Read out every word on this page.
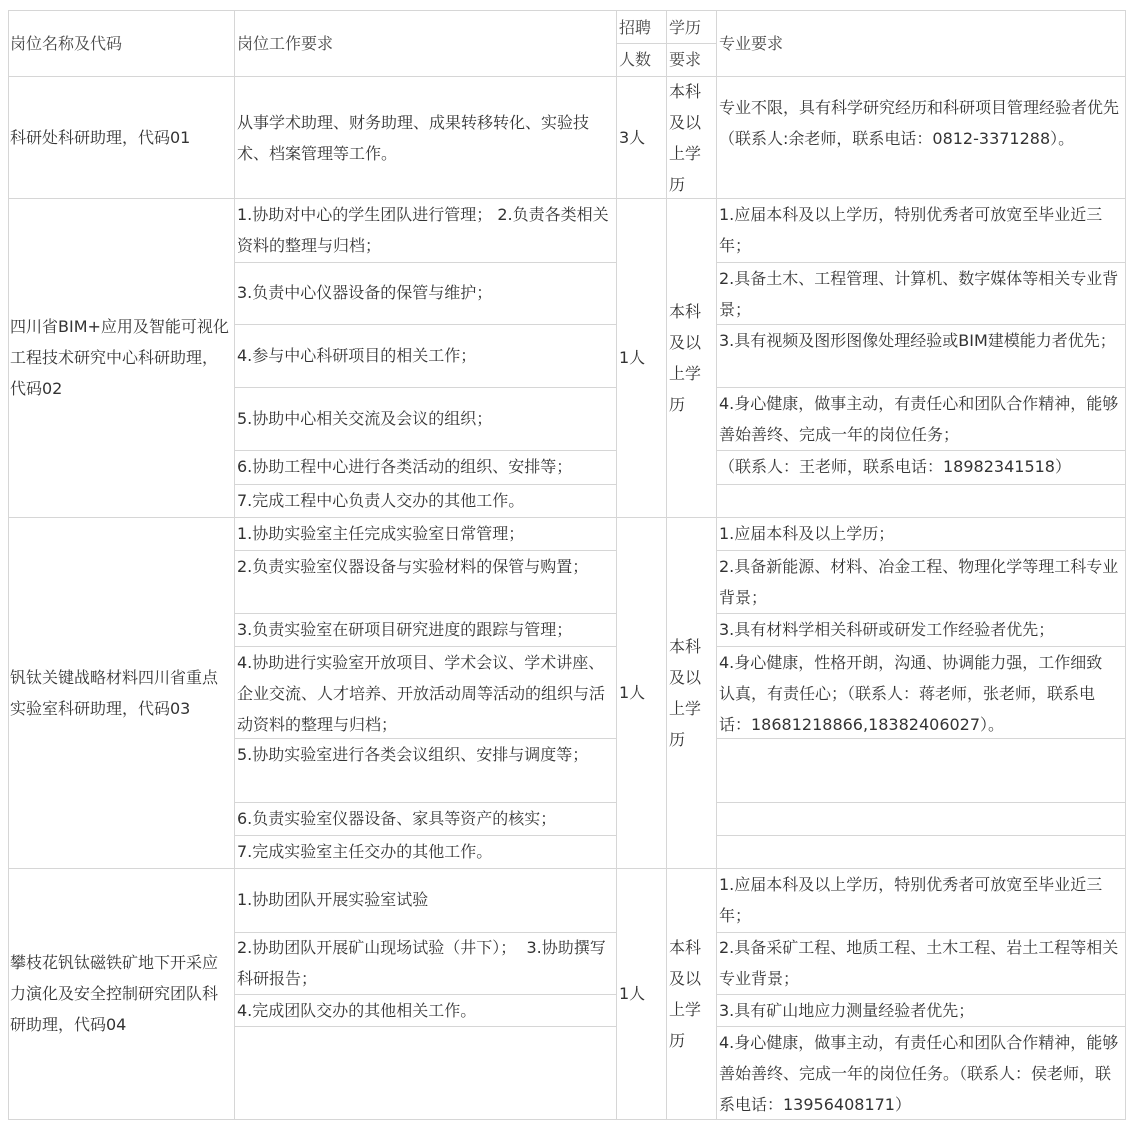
岗位名称及代码	岗位工作要求
招聘
人数
学历
要求
专业要求
科研处科研助理，代码01
从事学术助理、财务助理、成果转移转化、实验技术、档案管理等工作。
3人
本科及以上学历
专业不限，具有科学研究经历和科研项目管理经验者优先（联系人:余老师，联系电话：0812-3371288）。
四川省BIM+应用及智能可视化工程技术研究中心科研助理，代码02
1.协助对中心的学生团队进行管理； 2.负责各类相关资料的整理与归档；
3.负责中心仪器设备的保管与维护；
4.参与中心科研项目的相关工作；
5.协助中心相关交流及会议的组织；
6.协助工程中心进行各类活动的组织、安排等；
7.完成工程中心负责人交办的其他工作。
1人
本科及以上学历
1.应届本科及以上学历，特别优秀者可放宽至毕业近三年；
2.具备土木、工程管理、计算机、数字媒体等相关专业背景；
3.具有视频及图形图像处理经验或BIM建模能力者优先；
4.身心健康，做事主动，有责任心和团队合作精神，能够善始善终、完成一年的岗位任务；
（联系人：王老师，联系电话：18982341518）
钒钛关键战略材料四川省重点实验室科研助理，代码03
1.协助实验室主任完成实验室日常管理；
2.负责实验室仪器设备与实验材料的保管与购置；
3.负责实验室在研项目研究进度的跟踪与管理；
4.协助进行实验室开放项目、学术会议、学术讲座、企业交流、人才培养、开放活动周等活动的组织与活动资料的整理与归档；
5.协助实验室进行各类会议组织、安排与调度等；
6.负责实验室仪器设备、家具等资产的核实；
7.完成实验室主任交办的其他工作。
1人
本科及以上学历
1.应届本科及以上学历；
2.具备新能源、材料、冶金工程、物理化学等理工科专业背景；
3.具有材料学相关科研或研发工作经验者优先；
4.身心健康，性格开朗，沟通、协调能力强，工作细致认真，有责任心；（联系人：蒋老师，张老师，联系电话：18681218866,18382406027）。
攀枝花钒钛磁铁矿地下开采应力演化及安全控制研究团队科研助理，代码04
1.协助团队开展实验室试验
2.协助团队开展矿山现场试验（井下）；  3.协助撰写科研报告；
4.完成团队交办的其他相关工作。
1人
本科及以上学历
1.应届本科及以上学历，特别优秀者可放宽至毕业近三年；
2.具备采矿工程、地质工程、土木工程、岩土工程等相关专业背景；
3.具有矿山地应力测量经验者优先；
4.身心健康，做事主动，有责任心和团队合作精神，能够善始善终、完成一年的岗位任务。（联系人：侯老师，联系电话：13956408171）
